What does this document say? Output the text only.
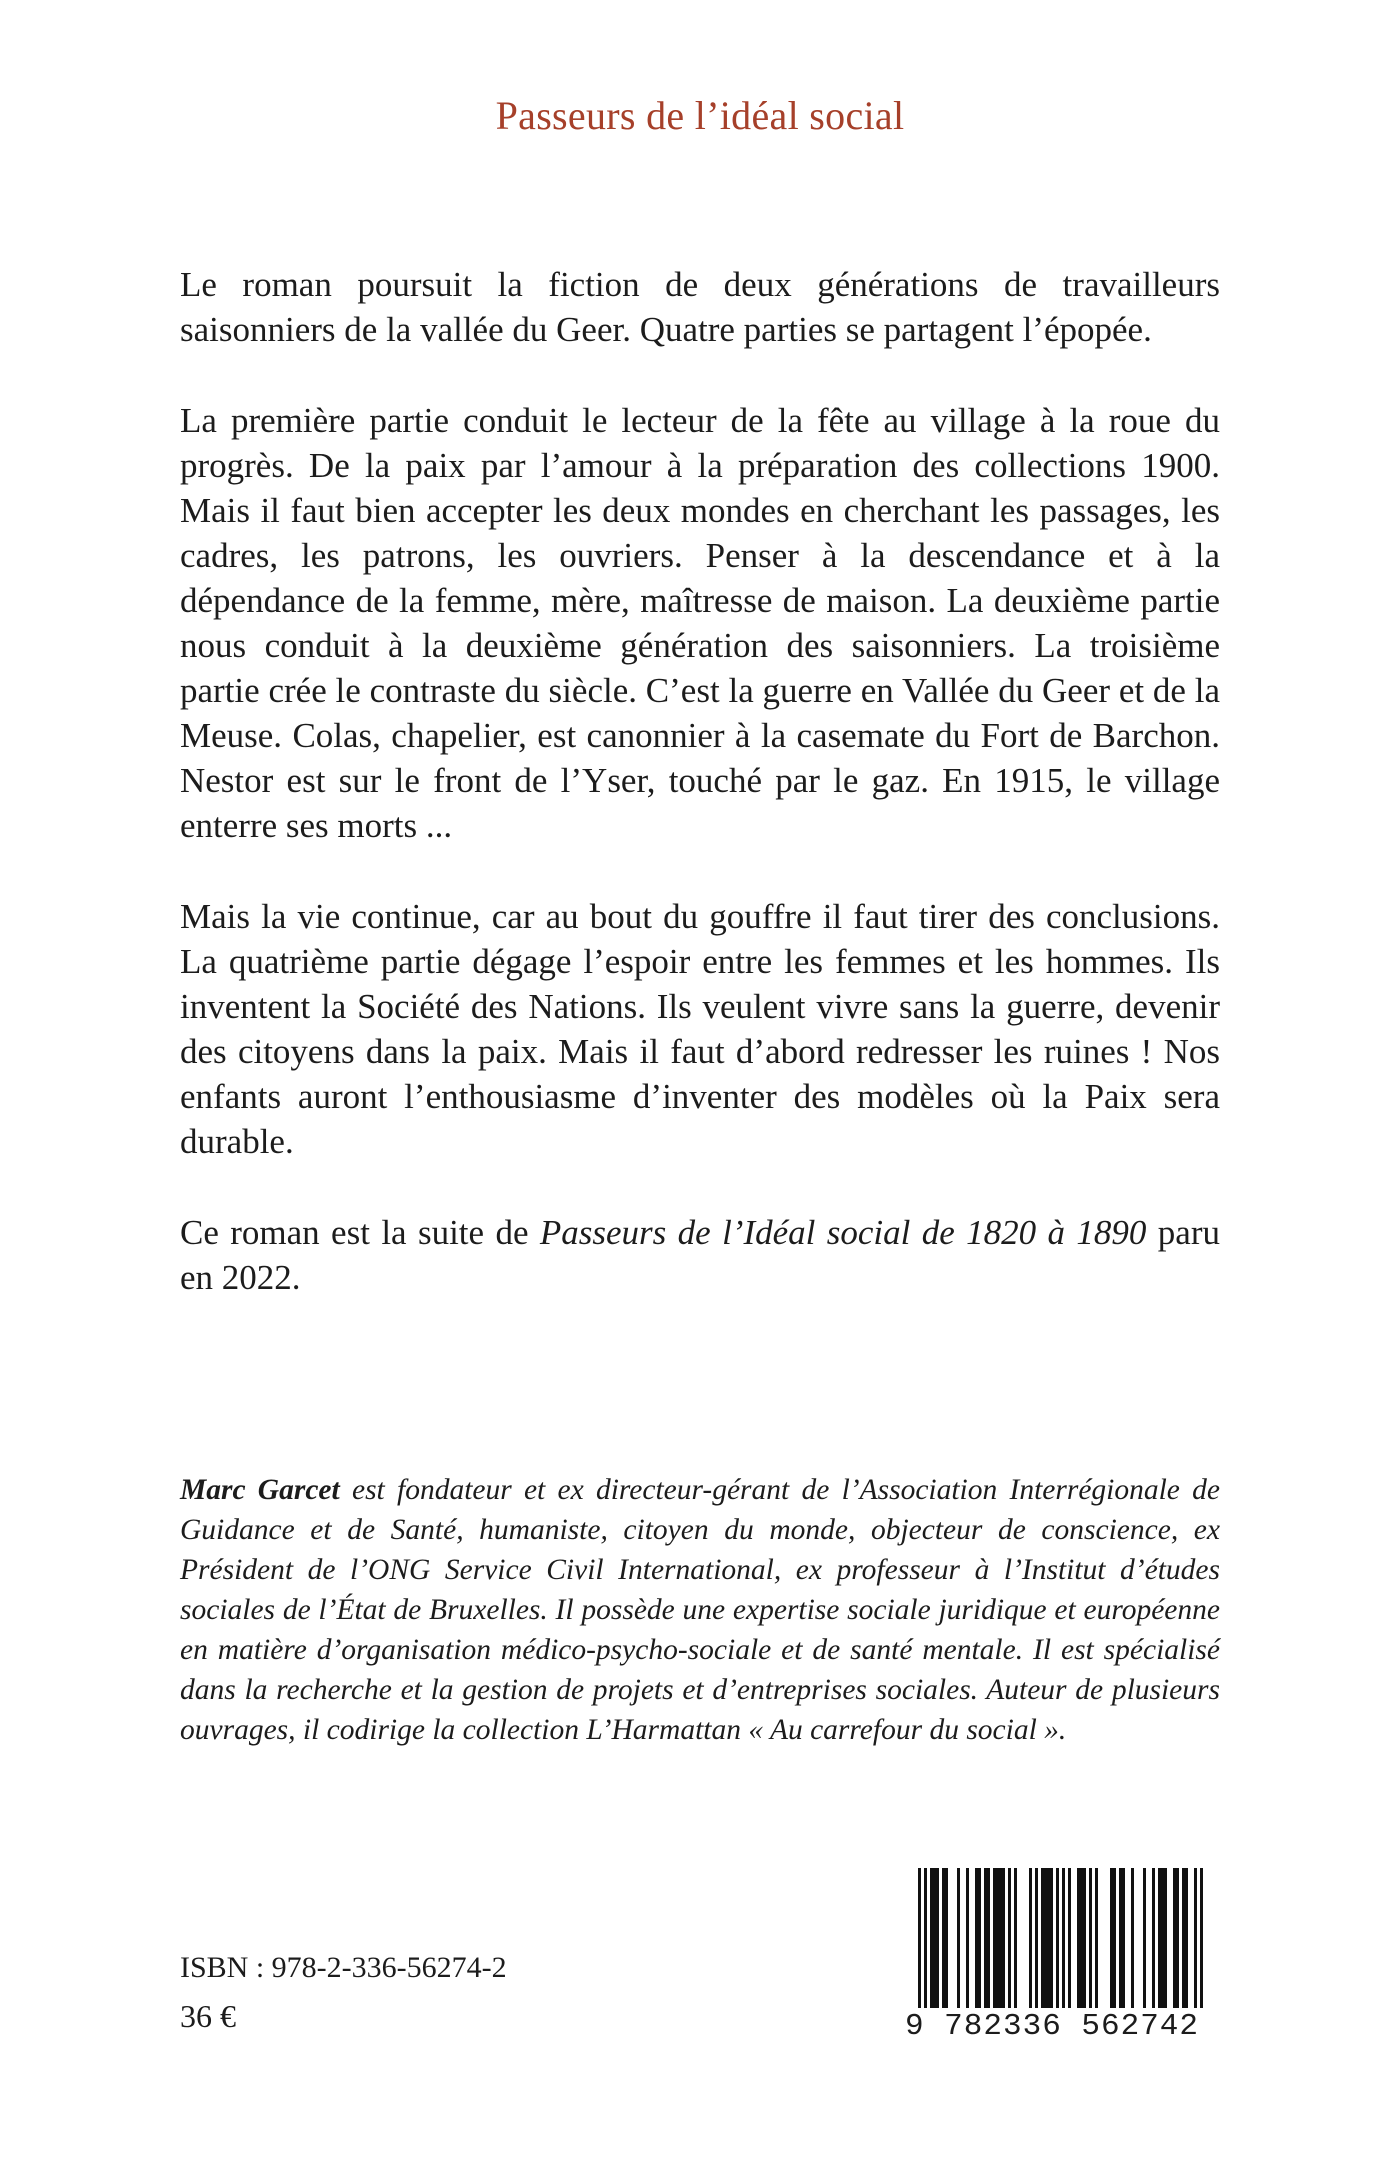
Passeurs de l’idéal social

Le roman poursuit la fiction de deux générations de travailleurs saisonniers de la vallée du Geer. Quatre parties se partagent l’épopée.

La première partie conduit le lecteur de la fête au village à la roue du progrès. De la paix par l’amour à la préparation des collections 1900. Mais il faut bien accepter les deux mondes en cherchant les passages, les cadres, les patrons, les ouvriers. Penser à la descendance et à la dépendance de la femme, mère, maîtresse de maison. La deuxième partie nous conduit à la deuxième génération des saisonniers. La troisième partie crée le contraste du siècle. C’est la guerre en Vallée du Geer et de la Meuse. Colas, chapelier, est canonnier à la casemate du Fort de Barchon. Nestor est sur le front de l’Yser, touché par le gaz. En 1915, le village enterre ses morts ...

Mais la vie continue, car au bout du gouffre il faut tirer des conclusions. La quatrième partie dégage l’espoir entre les femmes et les hommes. Ils inventent la Société des Nations. Ils veulent vivre sans la guerre, devenir des citoyens dans la paix. Mais il faut d’abord redresser les ruines ! Nos enfants auront l’enthousiasme d’inventer des modèles où la Paix sera durable.

Ce roman est la suite de Passeurs de l’Idéal social de 1820 à 1890 paru en 2022.

Marc Garcet est fondateur et ex directeur-gérant de l’Association Interrégionale de Guidance et de Santé, humaniste, citoyen du monde, objecteur de conscience, ex Président de l’ONG Service Civil International, ex professeur à l’Institut d’études sociales de l’État de Bruxelles. Il possède une expertise sociale juridique et européenne en matière d’organisation médico-psycho-sociale et de santé mentale. Il est spécialisé dans la recherche et la gestion de projets et d’entreprises sociales. Auteur de plusieurs ouvrages, il codirige la collection L’Harmattan « Au carrefour du social ».
ISBN : 978-2-336-56274-2
36 €	9 782336 562742
